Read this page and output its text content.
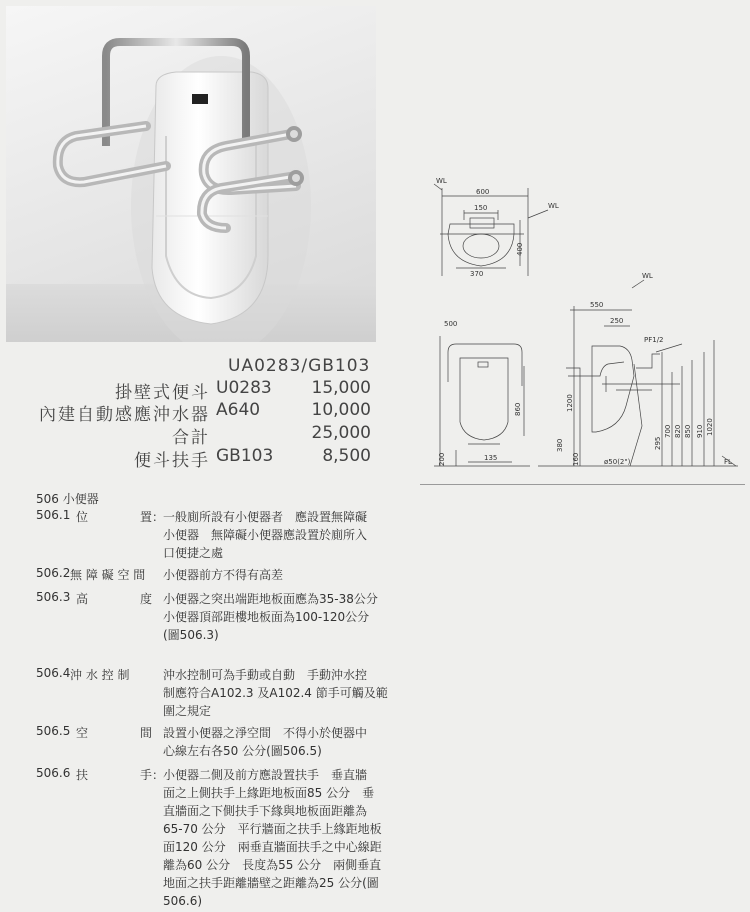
UA0283/GB103
掛壁式便斗 U0283 15,000
內建自動感應沖水器 A640	10,000
合計	25,000
便斗扶手 GB103	8,500
WL
600
150	WL
400
370	WL
550
250
PF1/2
1200
380
160	ø50(2")
295
700 820 850 910 1020
FL
500
860
200	135
506 小便器
506.1 位	置 ：
一般廁所設有小便器者　應設置無障礙
小便器　無障礙小便器應設置於廁所入
口便捷之處
506.2 無 障 礙 空 間 小便器前方不得有高差
506.3 高	度 小便器之突出端距地板面應為35-38公分
小便器頂部距樓地板面為100-120公分
(圖506.3)
506.4 沖 水 控 制	沖水控制可為手動或自動　手動沖水控
制應符合A102.3 及A102.4 節手可觸及範
圍之規定
506.5 空	間 設置小便器之淨空間　不得小於便器中
心線左右各50 公分(圖506.5)
506.6 扶	手 ：
小便器二側及前方應設置扶手　垂直牆
面之上側扶手上緣距地板面85 公分　垂
直牆面之下側扶手下緣與地板面距離為
65-70 公分　平行牆面之扶手上緣距地板
面120 公分　兩垂直牆面扶手之中心線距
離為60 公分　長度為55 公分　兩側垂直
地面之扶手距離牆壁之距離為25 公分(圖
506.6)
